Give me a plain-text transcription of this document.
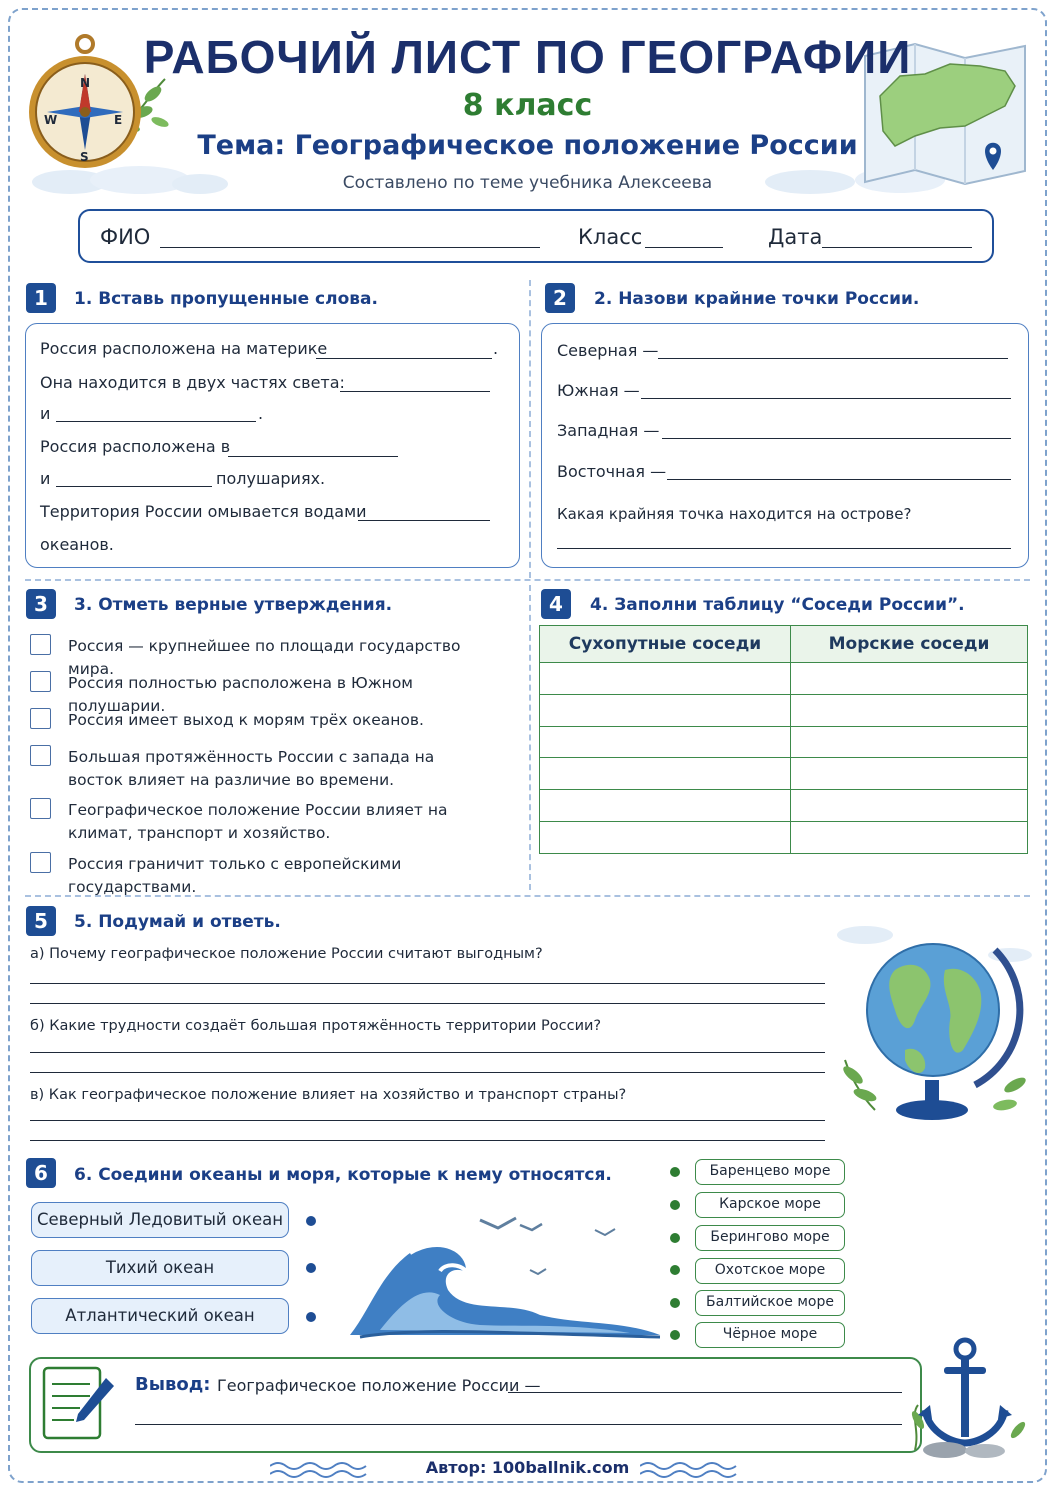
N
S
E
W
РАБОЧИЙ ЛИСТ ПО ГЕОГРАФИИ
8 класс
Тема: Географическое положение России
Составлено по теме учебника Алексеева
ФИО	Класс	Дата
1	1. Вставь пропущенные слова.
Россия расположена на материке	.
Она находится в двух частях света:
и	.
Россия расположена в
и	полушариях.
Территория России омывается водами
океанов.
2	2. Назови крайние точки России.
Северная —
Южная —
Западная —
Восточная —
Какая крайняя точка находится на острове?
3	3. Отметь верные утверждения.
Россия — крупнейшее по площади государство мира.
Россия полностью расположена в Южном полушарии.
Россия имеет выход к морям трёх океанов.
Большая протяжённость России с запада на восток влияет на различие во времени.
Географическое положение России влияет на климат, транспорт и хозяйство.
Россия граничит только с европейскими государствами.
4	4. Заполни таблицу “Соседи России”.
Сухопутные соседи	Морские соседи

5	5. Подумай и ответь.
а) Почему географическое положение России считают выгодным?
б) Какие трудности создаёт большая протяжённость территории России?
в) Как географическое положение влияет на хозяйство и транспорт страны?
6	6. Соедини океаны и моря, которые к нему относятся.
Северный Ледовитый океан
Тихий океан
Атлантический океан
Баренцево море
Карское море
Берингово море
Охотское море
Балтийское море
Чёрное море
Вывод: Географическое положение России —
Автор: 100ballnik.com
